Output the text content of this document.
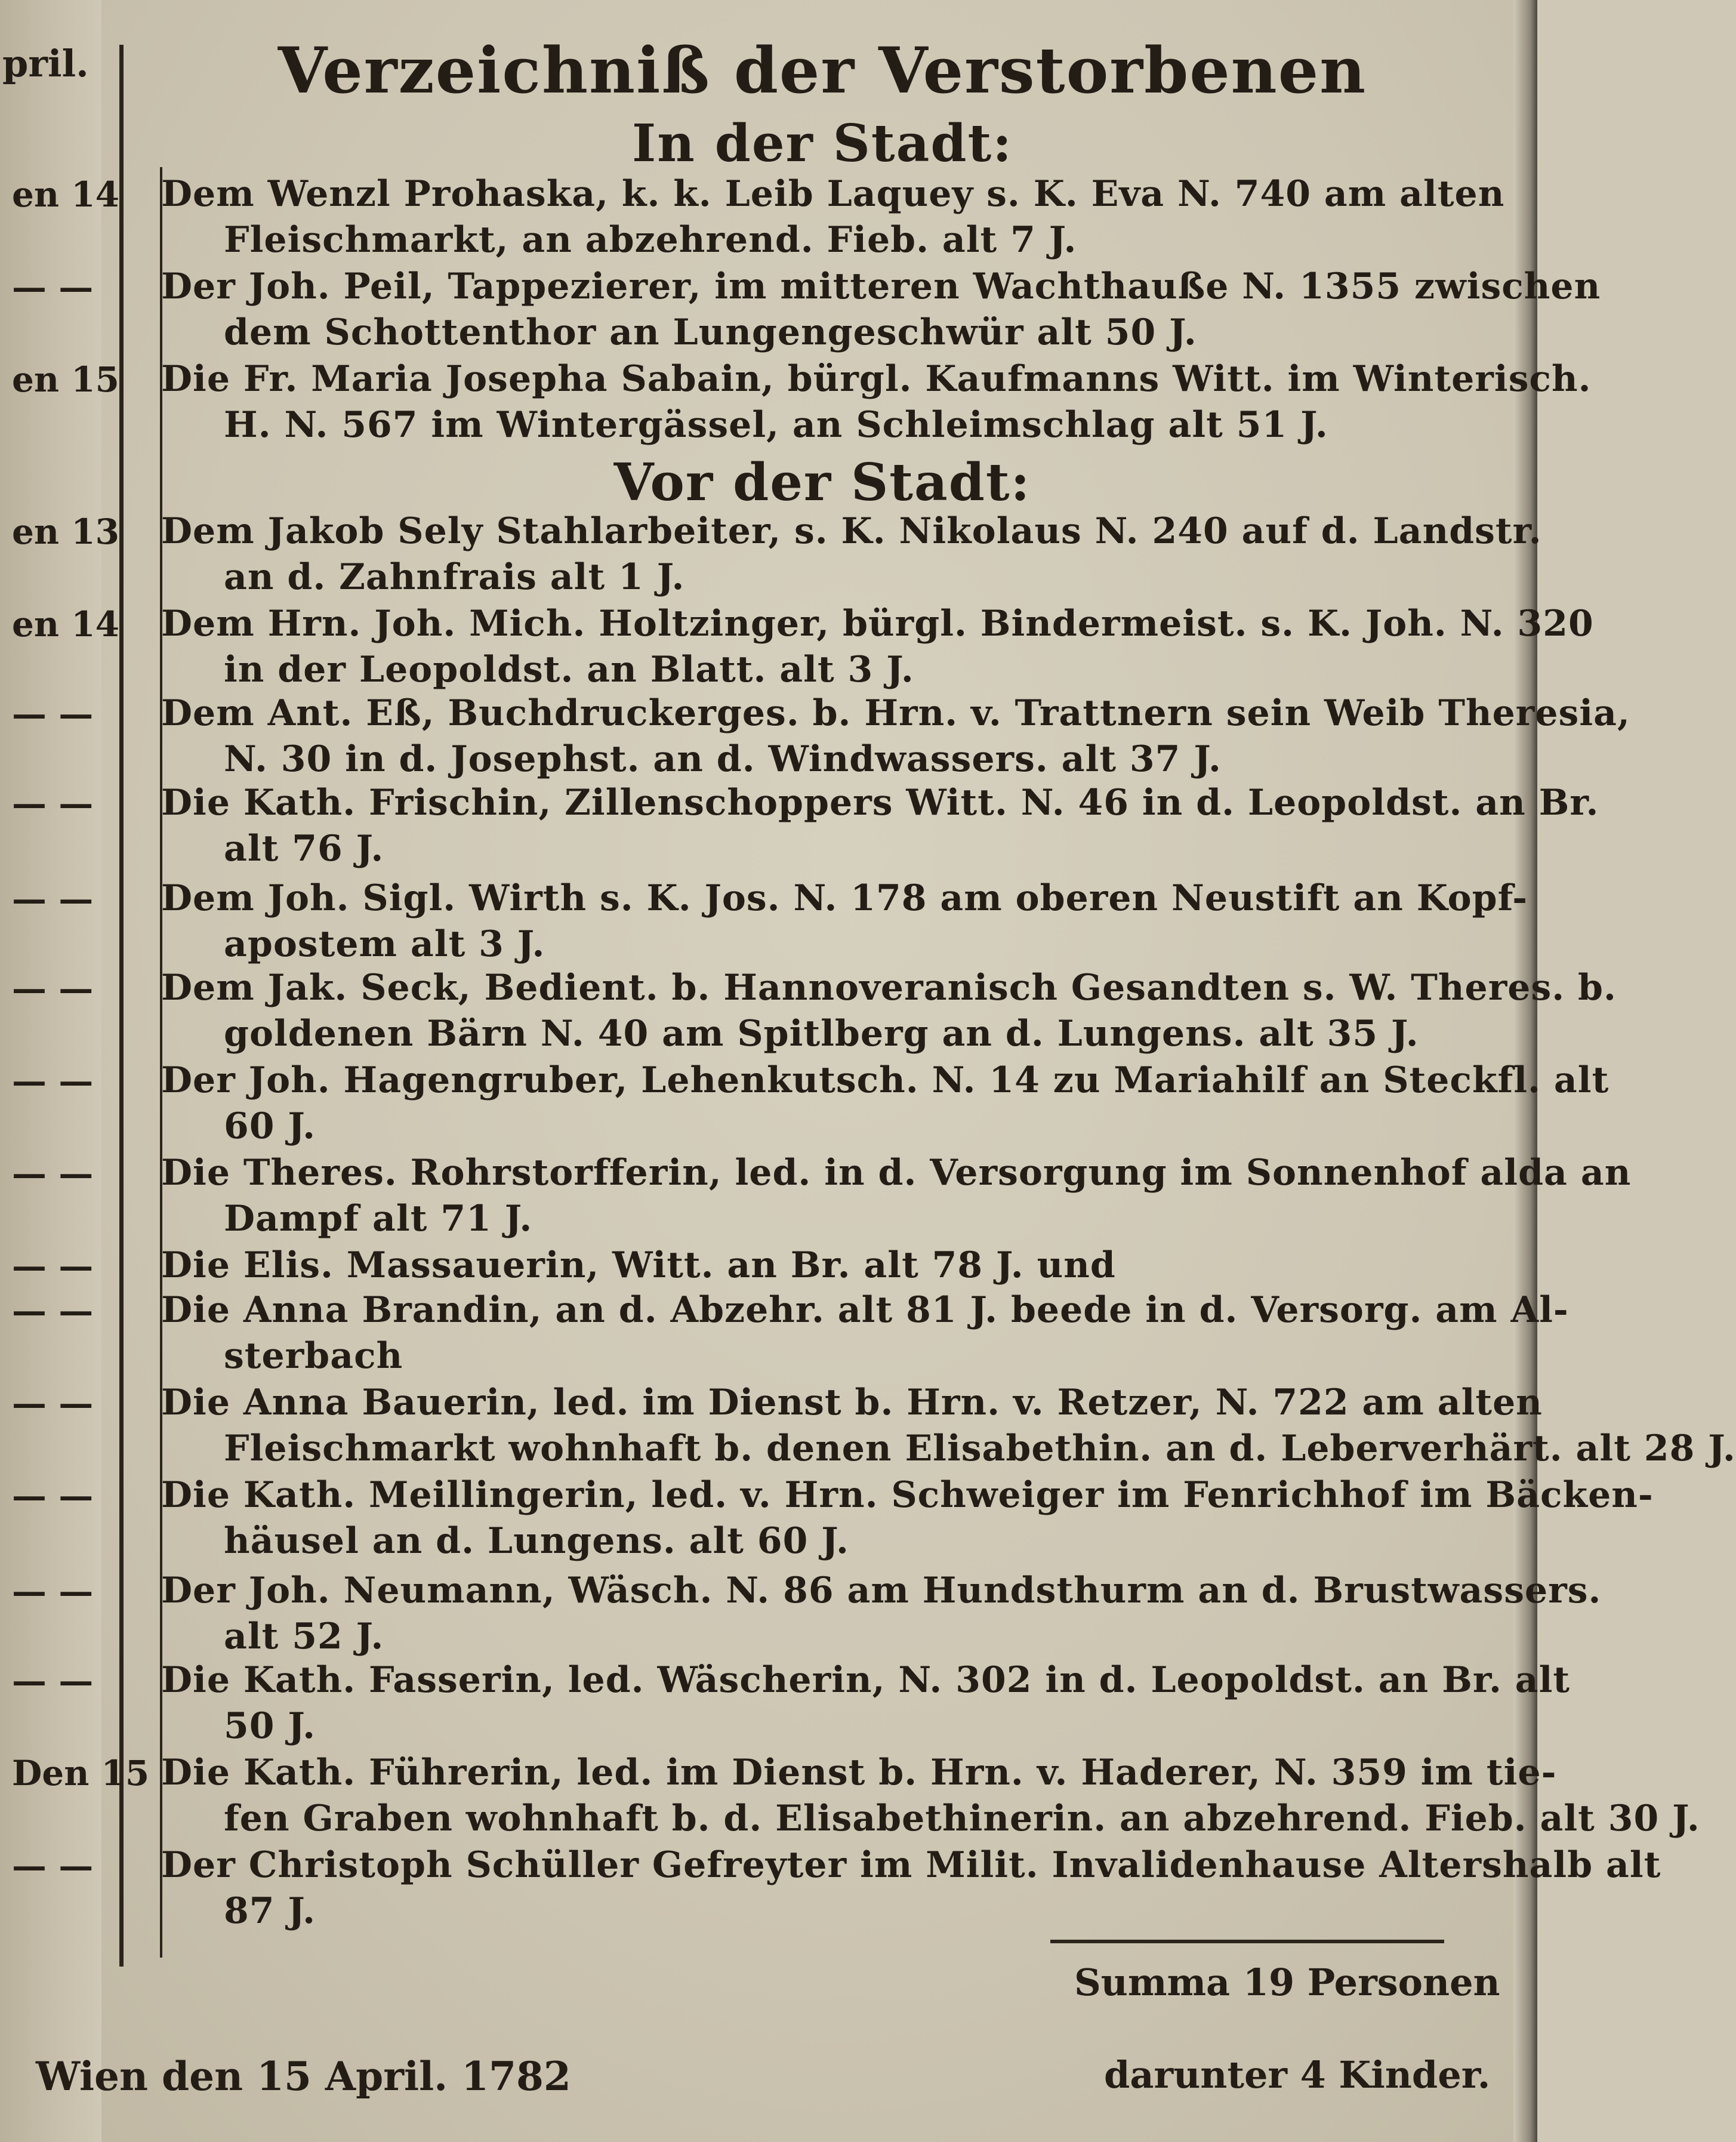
pril.	Verzeichniß der Verstorbenen
In der Stadt:
Vor der Stadt:
en 14
— —
en 15
en 13
en 14
— —
— —
— —
— —
— —
— —
— —
— —
— —
— —
— —
— —
Den 15
— —
Dem Wenzl Prohaska, k. k. Leib Laquey s. K. Eva N. 740 am alten
Fleischmarkt, an abzehrend. Fieb. alt 7 J.
Der Joh. Peil, Tappezierer, im mitteren Wachthauße N. 1355 zwischen
dem Schottenthor an Lungengeschwür alt 50 J.
Die Fr. Maria Josepha Sabain, bürgl. Kaufmanns Witt. im Winterisch.
H. N. 567 im Wintergässel, an Schleimschlag alt 51 J.
Dem Jakob Sely Stahlarbeiter, s. K. Nikolaus N. 240 auf d. Landstr.
an d. Zahnfrais alt 1 J.
Dem Hrn. Joh. Mich. Holtzinger, bürgl. Bindermeist. s. K. Joh. N. 320
in der Leopoldst. an Blatt. alt 3 J.
Dem Ant. Eß, Buchdruckerges. b. Hrn. v. Trattnern sein Weib Theresia,
N. 30 in d. Josephst. an d. Windwassers. alt 37 J.
Die Kath. Frischin, Zillenschoppers Witt. N. 46 in d. Leopoldst. an Br.
alt 76 J.
Dem Joh. Sigl. Wirth s. K. Jos. N. 178 am oberen Neustift an Kopf-
apostem alt 3 J.
Dem Jak. Seck, Bedient. b. Hannoveranisch Gesandten s. W. Theres. b.
goldenen Bärn N. 40 am Spitlberg an d. Lungens. alt 35 J.
Der Joh. Hagengruber, Lehenkutsch. N. 14 zu Mariahilf an Steckfl. alt
60 J.
Die Theres. Rohrstorfferin, led. in d. Versorgung im Sonnenhof alda an
Dampf alt 71 J.
Die Elis. Massauerin, Witt. an Br. alt 78 J. und
Die Anna Brandin, an d. Abzehr. alt 81 J. beede in d. Versorg. am Al-
sterbach
Die Anna Bauerin, led. im Dienst b. Hrn. v. Retzer, N. 722 am alten
Fleischmarkt wohnhaft b. denen Elisabethin. an d. Leberverhärt. alt 28 J.
Die Kath. Meillingerin, led. v. Hrn. Schweiger im Fenrichhof im Bäcken-
häusel an d. Lungens. alt 60 J.
Der Joh. Neumann, Wäsch. N. 86 am Hundsthurm an d. Brustwassers.
alt 52 J.
Die Kath. Fasserin, led. Wäscherin, N. 302 in d. Leopoldst. an Br. alt
50 J.
Die Kath. Führerin, led. im Dienst b. Hrn. v. Haderer, N. 359 im tie-
fen Graben wohnhaft b. d. Elisabethinerin. an abzehrend. Fieb. alt 30 J.
Der Christoph Schüller Gefreyter im Milit. Invalidenhause Altershalb alt
87 J.
Summa 19 Personen
darunter 4 Kinder.
Wien den 15 April. 1782
